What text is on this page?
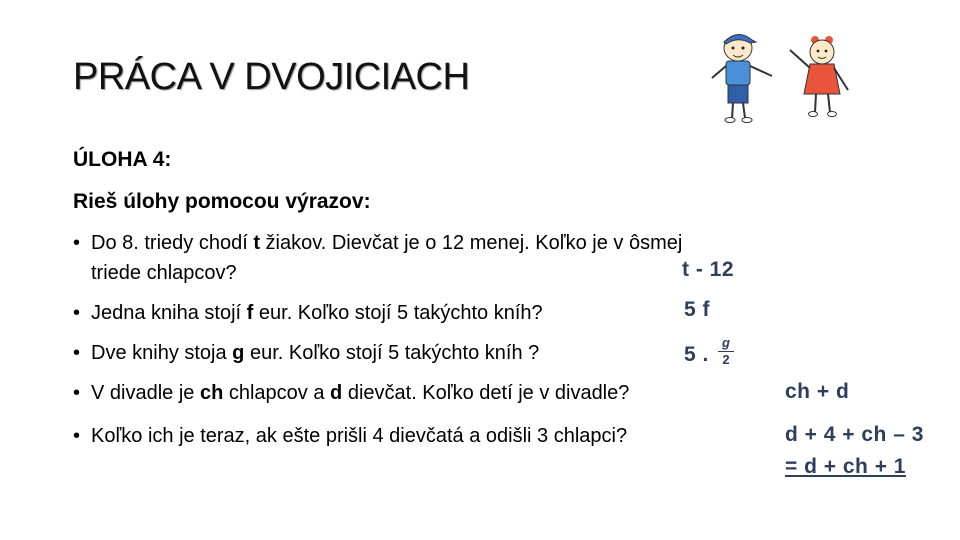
PRÁCA V DVOJICIACH
ÚLOHA 4:
Rieš úlohy pomocou výrazov:
• Do 8. triedy chodí t žiakov. Dievčat je o 12 menej. Koľko je v ôsmej
triede chlapcov?	t - 12
• Jedna kniha stojí f eur. Koľko stojí 5 takýchto kníh?	5 f
• Dve knihy stoja g eur. Koľko stojí 5 takýchto kníh ?	5 .
g
2
• V divadle je ch chlapcov a d dievčat. Koľko detí je v divadle?	ch + d
• Koľko ich je teraz, ak ešte prišli 4 dievčatá a odišli 3 chlapci?	d + 4 + ch – 3
= d + ch + 1
